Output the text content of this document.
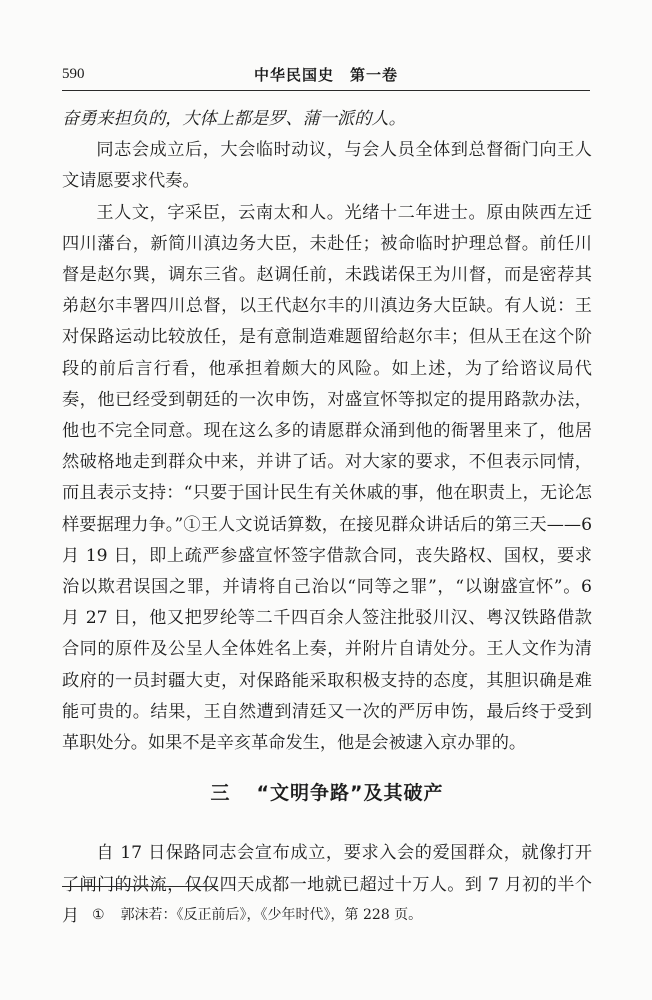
590	中华民国史　第一卷

奋勇来担负的，大体上都是罗、蒲一派的人。

同志会成立后，大会临时动议，与会人员全体到总督衙门向王人文请愿要求代奏。

王人文，字采臣，云南太和人。光绪十二年进士。原由陕西左迁四川藩台，新简川滇边务大臣，未赴任；被命临时护理总督。前任川督是赵尔巽，调东三省。赵调任前，未践诺保王为川督，而是密荐其弟赵尔丰署四川总督，以王代赵尔丰的川滇边务大臣缺。有人说：王对保路运动比较放任，是有意制造难题留给赵尔丰；但从王在这个阶段的前后言行看，他承担着颇大的风险。如上述，为了给谘议局代奏，他已经受到朝廷的一次申饬，对盛宣怀等拟定的提用路款办法，他也不完全同意。现在这么多的请愿群众涌到他的衙署里来了，他居然破格地走到群众中来，并讲了话。对大家的要求，不但表示同情，而且表示支持：“只要于国计民生有关休戚的事，他在职责上，无论怎样要据理力争。”①王人文说话算数，在接见群众讲话后的第三天——6 月 19 日，即上疏严参盛宣怀签字借款合同，丧失路权、国权，要求治以欺君误国之罪，并请将自己治以“同等之罪”，“以谢盛宣怀”。6 月 27 日，他又把罗纶等二千四百余人签注批驳川汉、粤汉铁路借款合同的原件及公呈人全体姓名上奏，并附片自请处分。王人文作为清政府的一员封疆大吏，对保路能采取积极支持的态度，其胆识确是难能可贵的。结果，王自然遭到清廷又一次的严厉申饬，最后终于受到革职处分。如果不是辛亥革命发生，他是会被逮入京办罪的。

三 “文明争路”及其破产

自 17 日保路同志会宣布成立，要求入会的爱国群众，就像打开了闸门的洪流，仅仅四天成都一地就已超过十万人。到 7 月初的半个月 ① 郭沫若：《反正前后》，《少年时代》，第 228 页。
